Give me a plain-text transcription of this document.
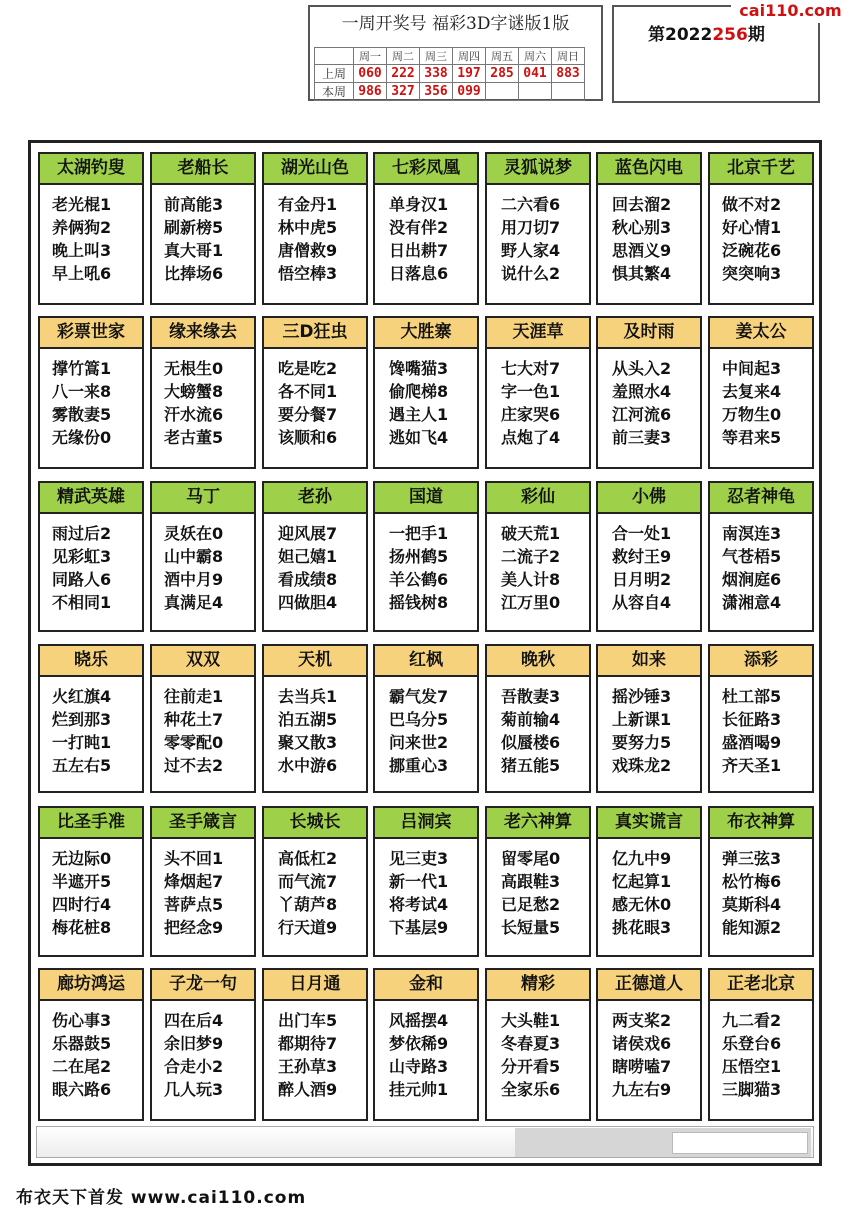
一周开奖号 福彩3D字谜版1版
	周一	周二	周三	周四	周五	周六	周日
上周	060	222	338	197	285	041	883
本周	986	327	356	099			
第2022256期
cai110.com
太湖钓叟
老光棍1
养俩狗2
晚上叫3
早上吼6
老船长
前高能3
刷新榜5
真大哥1
比捧场6
湖光山色
有金丹1
林中虎5
唐僧救9
悟空棒3
七彩凤凰
单身汉1
没有伴2
日出耕7
日落息6
灵狐说梦
二六看6
用刀切7
野人家4
说什么2
蓝色闪电
回去溜2
秋心别3
思酒义9
惧其繁4
北京千艺
做不对2
好心情1
泛碗花6
突突响3
彩票世家
撑竹篙1
八一来8
雾散妻5
无缘份0
缘来缘去
无根生0
大螃蟹8
汗水流6
老古董5
三D狂虫
吃是吃2
各不同1
要分餐7
该顺和6
大胜寨
馋嘴猫3
偷爬梯8
遇主人1
逃如飞4
天涯草
七大对7
字一色1
庄家哭6
点炮了4
及时雨
从头入2
羞照水4
江河流6
前三妻3
姜太公
中间起3
去复来4
万物生0
等君来5
精武英雄
雨过后2
见彩虹3
同路人6
不相同1
马丁
灵妖在0
山中霸8
酒中月9
真满足4
老孙
迎风展7
妲己嬉1
看成绩8
四做胆4
国道
一把手1
扬州鹤5
羊公鹤6
摇钱树8
彩仙
破天荒1
二流子2
美人计8
江万里0
小佛
合一处1
救纣王9
日月明2
从容自4
忍者神龟
南溟连3
气苍梧5
烟涧庭6
潇湘意4
晓乐
火红旗4
烂到那3
一打盹1
五左右5
双双
往前走1
种花土7
零零配0
过不去2
天机
去当兵1
泊五湖5
聚又散3
水中游6
红枫
霸气发7
巴乌分5
问来世2
挪重心3
晚秋
吾散妻3
菊前输4
似蜃楼6
猪五能5
如来
摇沙锤3
上新课1
要努力5
戏珠龙2
添彩
杜工部5
长征路3
盛酒喝9
齐天圣1
比圣手准
无边际0
半遮开5
四时行4
梅花桩8
圣手箴言
头不回1
烽烟起7
菩萨点5
把经念9
长城长
高低杠2
而气流7
丫葫芦8
行天道9
吕洞宾
见三吏3
新一代1
将考试4
下基层9
老六神算
留零尾0
高跟鞋3
已足愁2
长短量5
真实谎言
亿九中9
忆起算1
感无休0
挑花眼3
布衣神算
弹三弦3
松竹梅6
莫斯科4
能知源2
廊坊鸿运
伤心事3
乐器鼓5
二在尾2
眼六路6
子龙一句
四在后4
余旧梦9
合走小2
几人玩3
日月通
出门车5
都期待7
王孙草3
醉人酒9
金和
风摇摆4
梦依稀9
山寺路3
挂元帅1
精彩
大头鞋1
冬春夏3
分开看5
全家乐6
正德道人
两支桨2
诸侯戏6
瞎唠嗑7
九左右9
正老北京
九二看2
乐登台6
压悟空1
三脚猫3
布衣天下首发 www.cai110.com
